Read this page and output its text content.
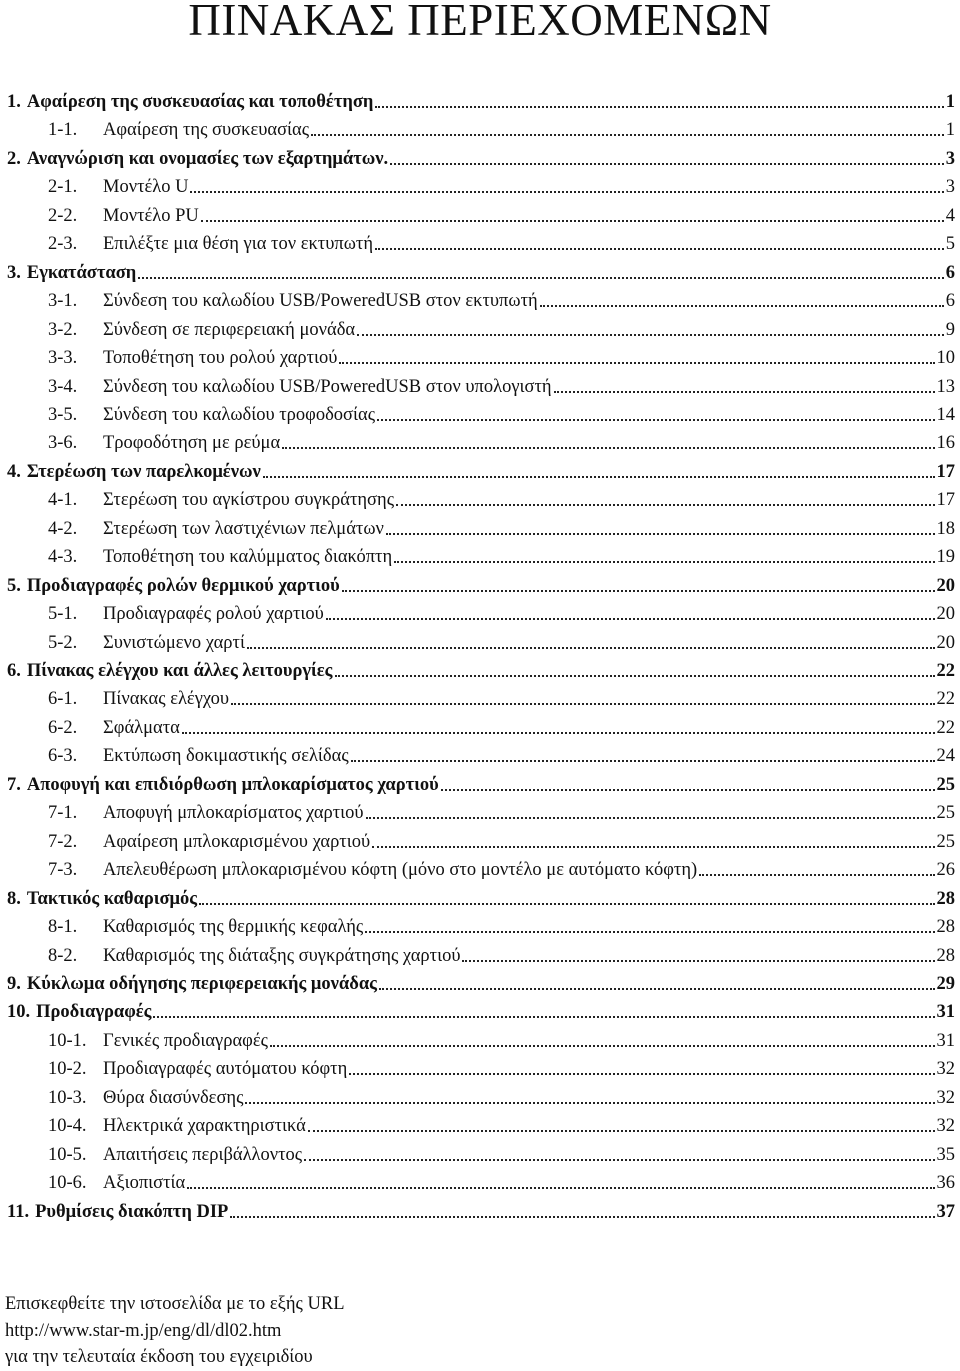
ΠΙΝΑΚΑΣ ΠΕΡΙΕΧΟΜΕΝΩΝ
1. Αφαίρεση της συσκευασίας και τοποθέτηση	1
1-1.	Αφαίρεση της συσκευασίας	1
2. Αναγνώριση και ονομασίες των εξαρτημάτων.	3
2-1.	Μοντέλο U	3
2-2.	Μοντέλο PU	4
2-3.	Επιλέξτε μια θέση για τον εκτυπωτή	5
3. Εγκατάσταση	6
3-1.	Σύνδεση του καλωδίου USB/PoweredUSB στον εκτυπωτή	6
3-2.	Σύνδεση σε περιφερειακή μονάδα	9
3-3.	Τοποθέτηση του ρολού χαρτιού	10
3-4.	Σύνδεση του καλωδίου USB/PoweredUSB στον υπολογιστή	13
3-5.	Σύνδεση του καλωδίου τροφοδοσίας	14
3-6.	Τροφοδότηση με ρεύμα	16
4. Στερέωση των παρελκομένων	17
4-1.	Στερέωση του αγκίστρου συγκράτησης	17
4-2.	Στερέωση των λαστιχένιων πελμάτων	18
4-3.	Τοποθέτηση του καλύμματος διακόπτη	19
5. Προδιαγραφές ρολών θερμικού χαρτιού	20
5-1.	Προδιαγραφές ρολού χαρτιού	20
5-2.	Συνιστώμενο χαρτί	20
6. Πίνακας ελέγχου και άλλες λειτουργίες	22
6-1.	Πίνακας ελέγχου	22
6-2.	Σφάλματα	22
6-3.	Εκτύπωση δοκιμαστικής σελίδας	24
7. Αποφυγή και επιδιόρθωση μπλοκαρίσματος χαρτιού	25
7-1.	Αποφυγή μπλοκαρίσματος χαρτιού	25
7-2.	Αφαίρεση μπλοκαρισμένου χαρτιού	25
7-3.	Απελευθέρωση μπλοκαρισμένου κόφτη (μόνο στο μοντέλο με αυτόματο κόφτη)	26
8. Τακτικός καθαρισμός	28
8-1.	Καθαρισμός της θερμικής κεφαλής	28
8-2.	Καθαρισμός της διάταξης συγκράτησης χαρτιού	28
9. Κύκλωμα οδήγησης περιφερειακής μονάδας	29
10. Προδιαγραφές	31
10-1. Γενικές προδιαγραφές	31
10-2. Προδιαγραφές αυτόματου κόφτη	32
10-3. Θύρα διασύνδεσης	32
10-4. Ηλεκτρικά χαρακτηριστικά	32
10-5. Απαιτήσεις περιβάλλοντος	35
10-6. Αξιοπιστία	36
11. Ρυθμίσεις διακόπτη DIP	37
Επισκεφθείτε την ιστοσελίδα με το εξής URL
http://www.star-m.jp/eng/dl/dl02.htm
για την τελευταία έκδοση του εγχειριδίου
